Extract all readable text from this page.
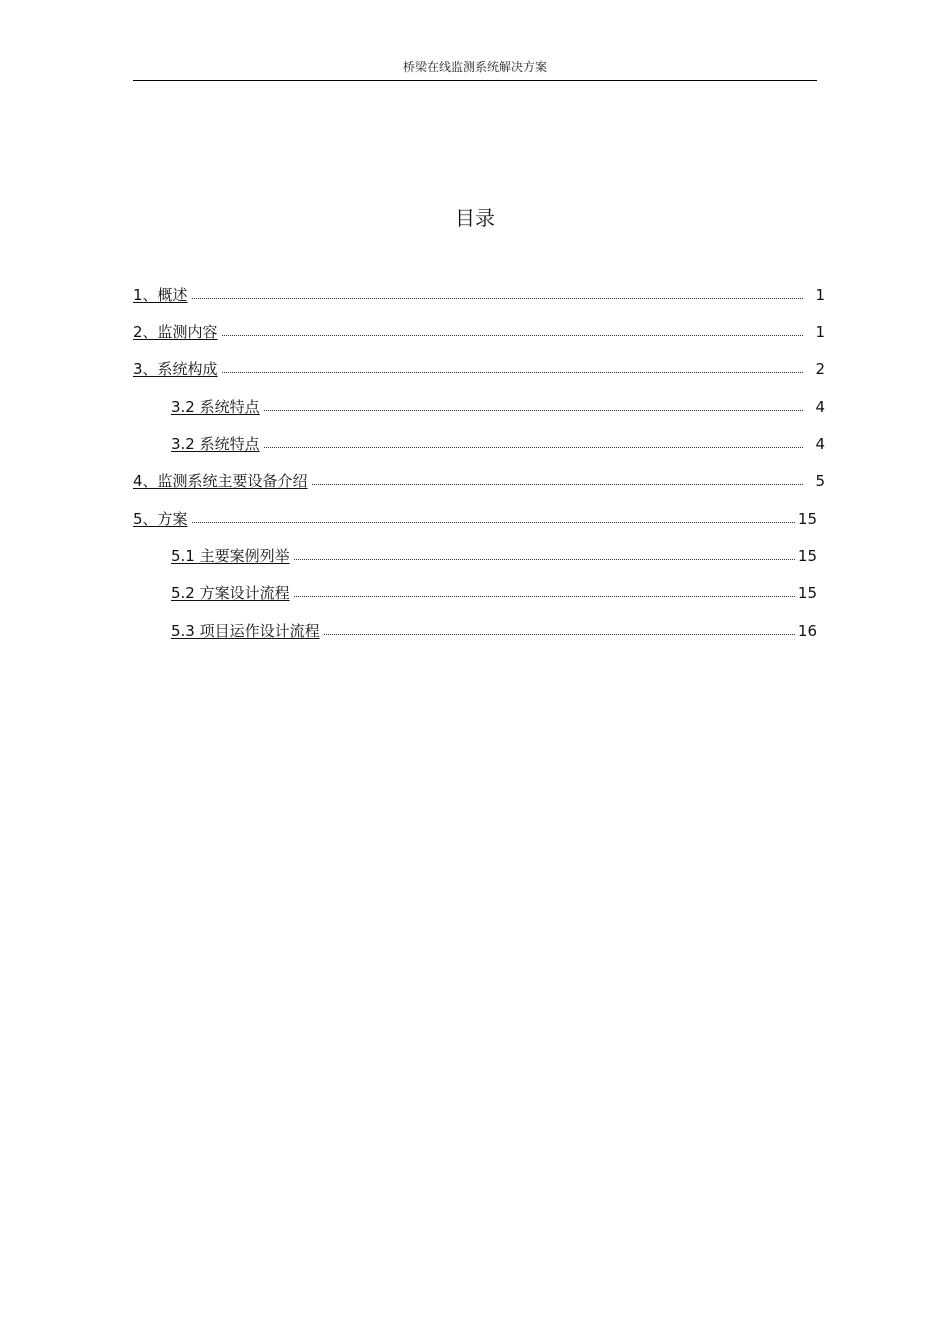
桥梁在线监测系统解决方案
目录
1、概述	1
2、监测内容	1
3、系统构成	2
3.2 系统特点	4
3.2 系统特点	4
4、监测系统主要设备介绍	5
5、方案	15
5.1 主要案例列举	15
5.2 方案设计流程	15
5.3 项目运作设计流程	16
